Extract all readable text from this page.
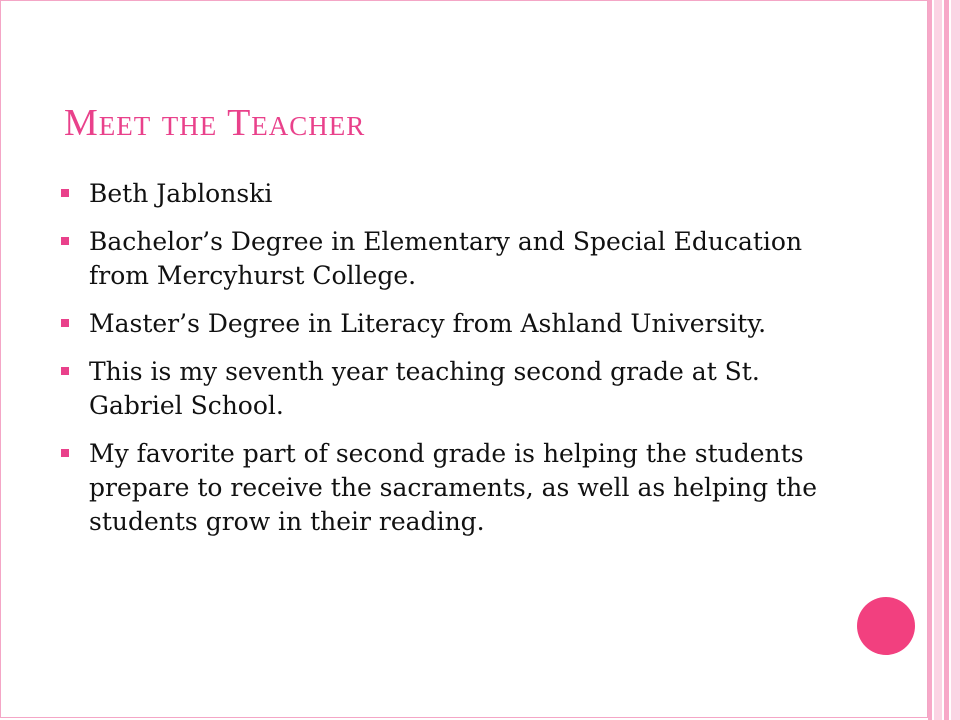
Meet the Teacher
Beth Jablonski
Bachelor’s Degree in Elementary and Special Education from Mercyhurst College.
Master’s Degree in Literacy from Ashland University.
This is my seventh year teaching second grade at St. Gabriel School.
My favorite part of second grade is helping the students prepare to receive the sacraments, as well as helping the students grow in their reading.
